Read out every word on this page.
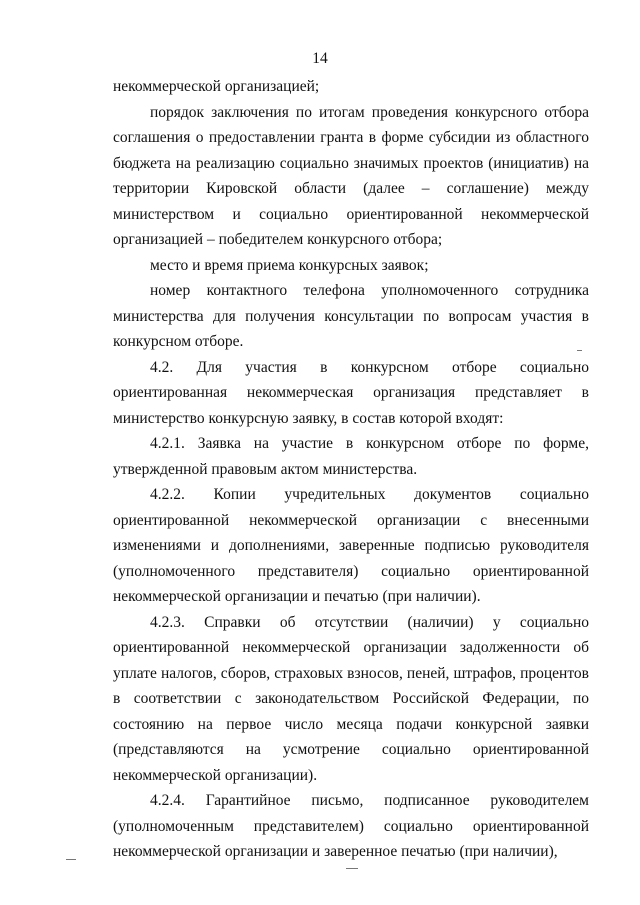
14

некоммерческой организацией;

порядок заключения по итогам проведения конкурсного отбора соглашения о предоставлении гранта в форме субсидии из областного бюджета на реализацию социально значимых проектов (инициатив) на территории Кировской области (далее – соглашение) между министерством и социально ориентированной некоммерческой организацией – победителем конкурсного отбора;

место и время приема конкурсных заявок;

номер контактного телефона уполномоченного сотрудника министерства для получения консультации по вопросам участия в конкурсном отборе.

4.2. Для участия в конкурсном отборе социально ориентированная некоммерческая организация представляет в министерство конкурсную заявку, в состав которой входят:

4.2.1. Заявка на участие в конкурсном отборе по форме, утвержденной правовым актом министерства.

4.2.2. Копии учредительных документов социально ориентированной некоммерческой организации с внесенными изменениями и дополнениями, заверенные подписью руководителя (уполномоченного представителя) социально ориентированной некоммерческой организации и печатью (при наличии).

4.2.3. Справки об отсутствии (наличии) у социально ориентированной некоммерческой организации задолженности об уплате налогов, сборов, страховых взносов, пеней, штрафов, процентов в соответствии с законодательством Российской Федерации, по состоянию на первое число месяца подачи конкурсной заявки (представляются на усмотрение социально ориентированной некоммерческой организации).

4.2.4. Гарантийное письмо, подписанное руководителем (уполномоченным представителем) социально ориентированной некоммерческой организации и заверенное печатью (при наличии),
